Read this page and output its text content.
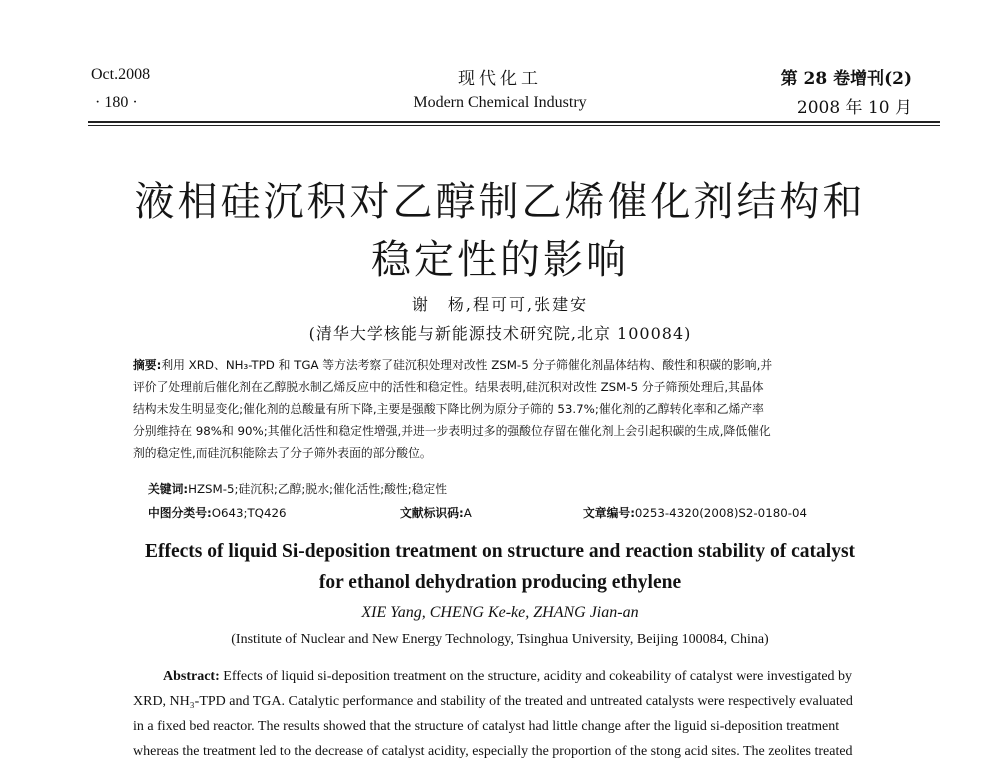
Oct.2008
· 180 ·
现代化工
Modern Chemical Industry
第 28 卷增刊(2)
2008 年 10 月
液相硅沉积对乙醇制乙烯催化剂结构和
稳定性的影响
谢　杨,程可可,张建安
(清华大学核能与新能源技术研究院,北京 100084)
摘要:利用 XRD、NH₃-TPD 和 TGA 等方法考察了硅沉积处理对改性 ZSM-5 分子筛催化剂晶体结构、酸性和积碳的影响,并
评价了处理前后催化剂在乙醇脱水制乙烯反应中的活性和稳定性。结果表明,硅沉积对改性 ZSM-5 分子筛预处理后,其晶体
结构未发生明显变化;催化剂的总酸量有所下降,主要是强酸下降比例为原分子筛的 53.7%;催化剂的乙醇转化率和乙烯产率
分别维持在 98%和 90%;其催化活性和稳定性增强,并进一步表明过多的强酸位存留在催化剂上会引起积碳的生成,降低催化
剂的稳定性,而硅沉积能除去了分子筛外表面的部分酸位。
关键词:HZSM-5;硅沉积;乙醇;脱水;催化活性;酸性;稳定性
中图分类号:O643;TQ426	文献标识码:A	文章编号:0253-4320(2008)S2-0180-04
Effects of liquid Si-deposition treatment on structure and reaction stability of catalyst
for ethanol dehydration producing ethylene
XIE Yang, CHENG Ke-ke, ZHANG Jian-an
(Institute of Nuclear and New Energy Technology, Tsinghua University, Beijing 100084, China)
Abstract: Effects of liquid si-deposition treatment on the structure, acidity and cokeability of catalyst were investigated by
XRD, NH₃-TPD and TGA. Catalytic performance and stability of the treated and untreated catalysts were respectively evaluated
in a fixed bed reactor. The results showed that the structure of catalyst had little change after the liguid si-deposition treatment
whereas the treatment led to the decrease of catalyst acidity, especially the proportion of the stong acid sites. The zeolites treated
